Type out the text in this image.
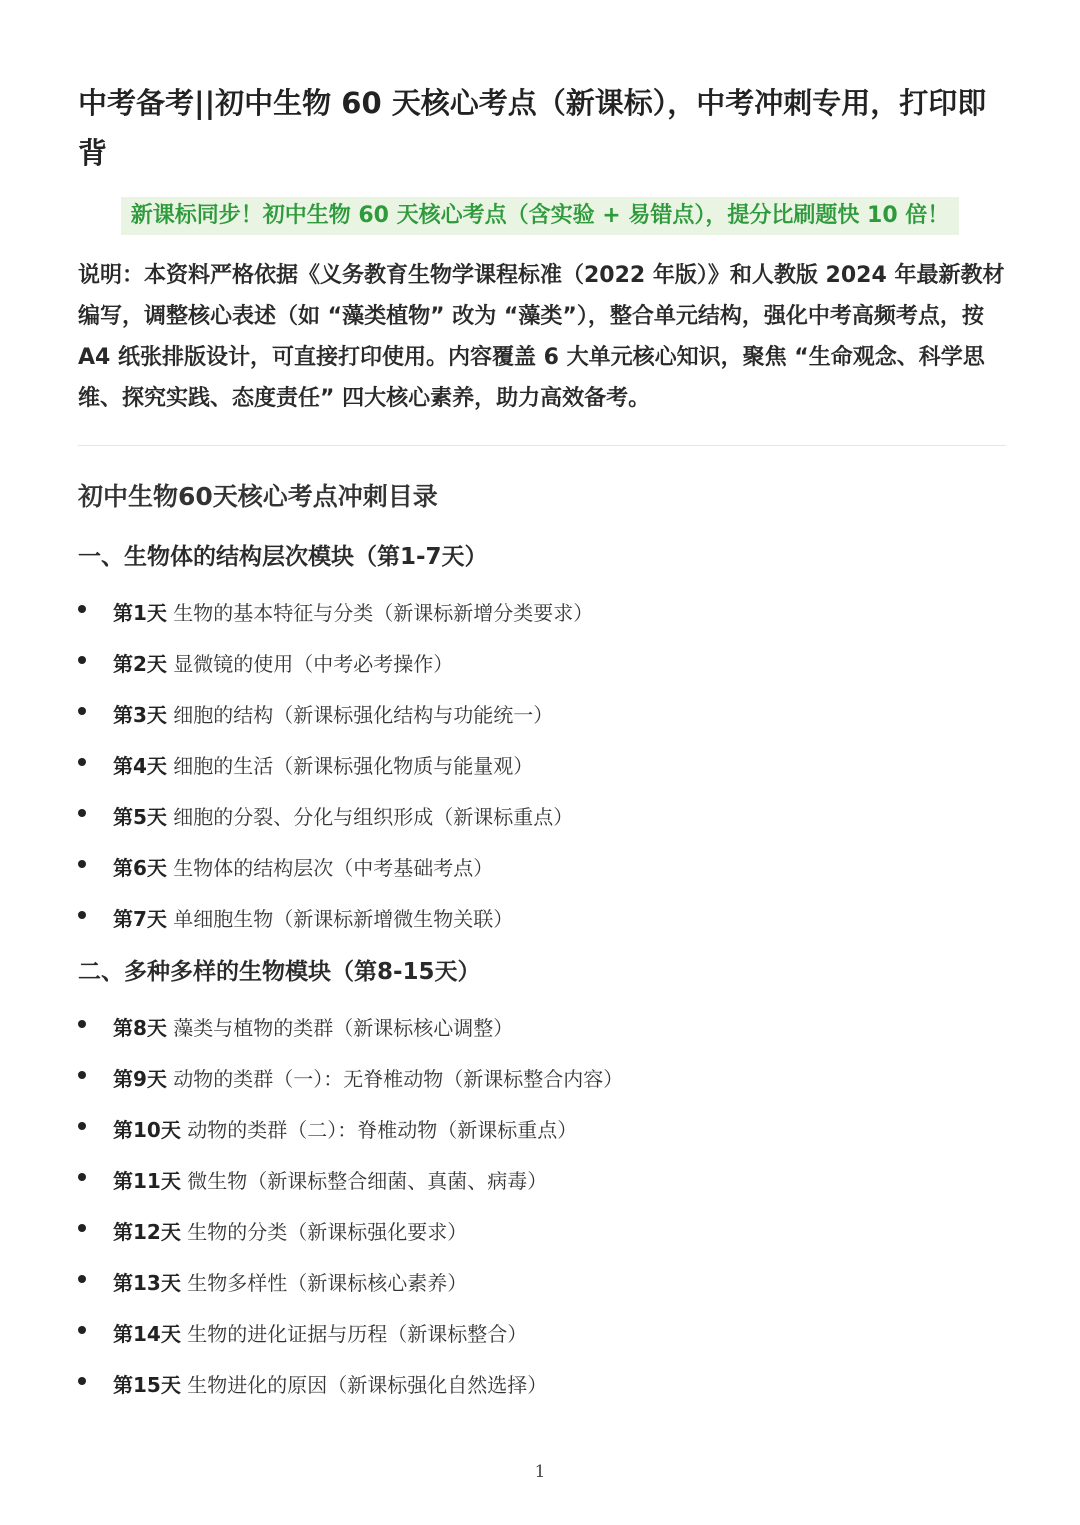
中考备考||初中生物 60 天核心考点（新课标），中考冲刺专用，打印即背
新课标同步！初中生物 60 天核心考点（含实验 + 易错点），提分比刷题快 10 倍！

说明：本资料严格依据《义务教育生物学课程标准（2022 年版）》和人教版 2024 年最新教材编写，调整核心表述（如 “藻类植物” 改为 “藻类”），整合单元结构，强化中考高频考点，按 A4 纸张排版设计，可直接打印使用。内容覆盖 6 大单元核心知识，聚焦 “生命观念、科学思维、探究实践、态度责任” 四大核心素养，助力高效备考。

初中生物60天核心考点冲刺目录
一、生物体的结构层次模块（第1-7天）
第1天 生物的基本特征与分类（新课标新增分类要求）
第2天 显微镜的使用（中考必考操作）
第3天 细胞的结构（新课标强化结构与功能统一）
第4天 细胞的生活（新课标强化物质与能量观）
第5天 细胞的分裂、分化与组织形成（新课标重点）
第6天 生物体的结构层次（中考基础考点）
第7天 单细胞生物（新课标新增微生物关联）
二、多种多样的生物模块（第8-15天）
第8天 藻类与植物的类群（新课标核心调整）
第9天 动物的类群（一）：无脊椎动物（新课标整合内容）
第10天 动物的类群（二）：脊椎动物（新课标重点）
第11天 微生物（新课标整合细菌、真菌、病毒）
第12天 生物的分类（新课标强化要求）
第13天 生物多样性（新课标核心素养）
第14天 生物的进化证据与历程（新课标整合）
第15天 生物进化的原因（新课标强化自然选择）
1
